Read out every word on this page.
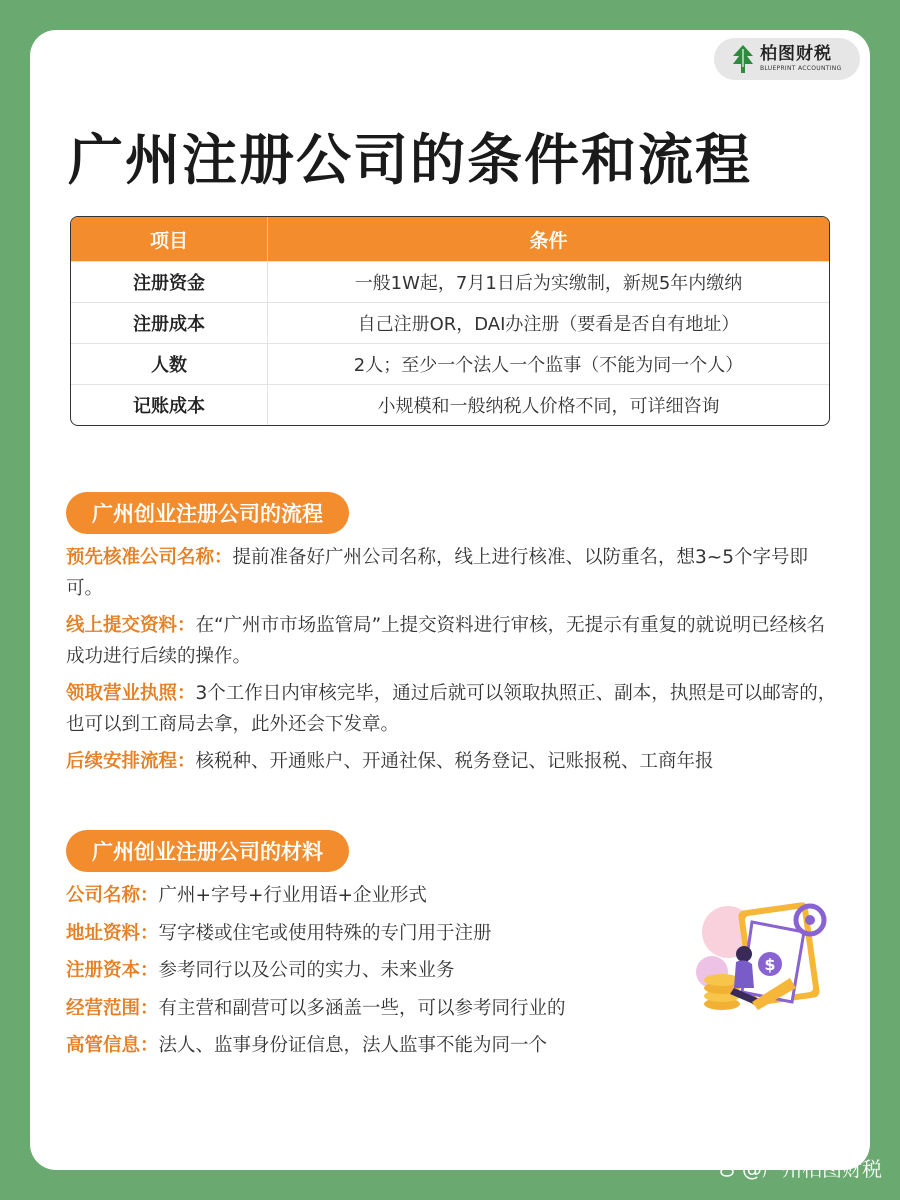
柏图财税
BLUEPRINT ACCOUNTING
广州注册公司的条件和流程
项目	条件
注册资金	一般1W起，7月1日后为实缴制，新规5年内缴纳
注册成本	自己注册OR，DAI办注册（要看是否自有地址）
人数	2人；至少一个法人一个监事（不能为同一个人）
记账成本	小规模和一般纳税人价格不同，可详细咨询
广州创业注册公司的流程
预先核准公司名称：提前准备好广州公司名称，线上进行核准、以防重名，想3~5个字号即可。
线上提交资料：在“广州市市场监管局”上提交资料进行审核，无提示有重复的就说明已经核名成功进行后续的操作。
领取营业执照：3个工作日内审核完毕，通过后就可以领取执照正、副本，执照是可以邮寄的，也可以到工商局去拿，此外还会下发章。
后续安排流程：核税种、开通账户、开通社保、税务登记、记账报税、工商年报
广州创业注册公司的材料
公司名称：广州+字号+行业用语+企业形式
地址资料：写字楼或住宅或使用特殊的专门用于注册
注册资本：参考同行以及公司的实力、未来业务
经营范围：有主营和副营可以多涵盖一些，可以参考同行业的
高管信息：法人、监事身份证信息，法人监事不能为同一个
$
@广州柏图财税
